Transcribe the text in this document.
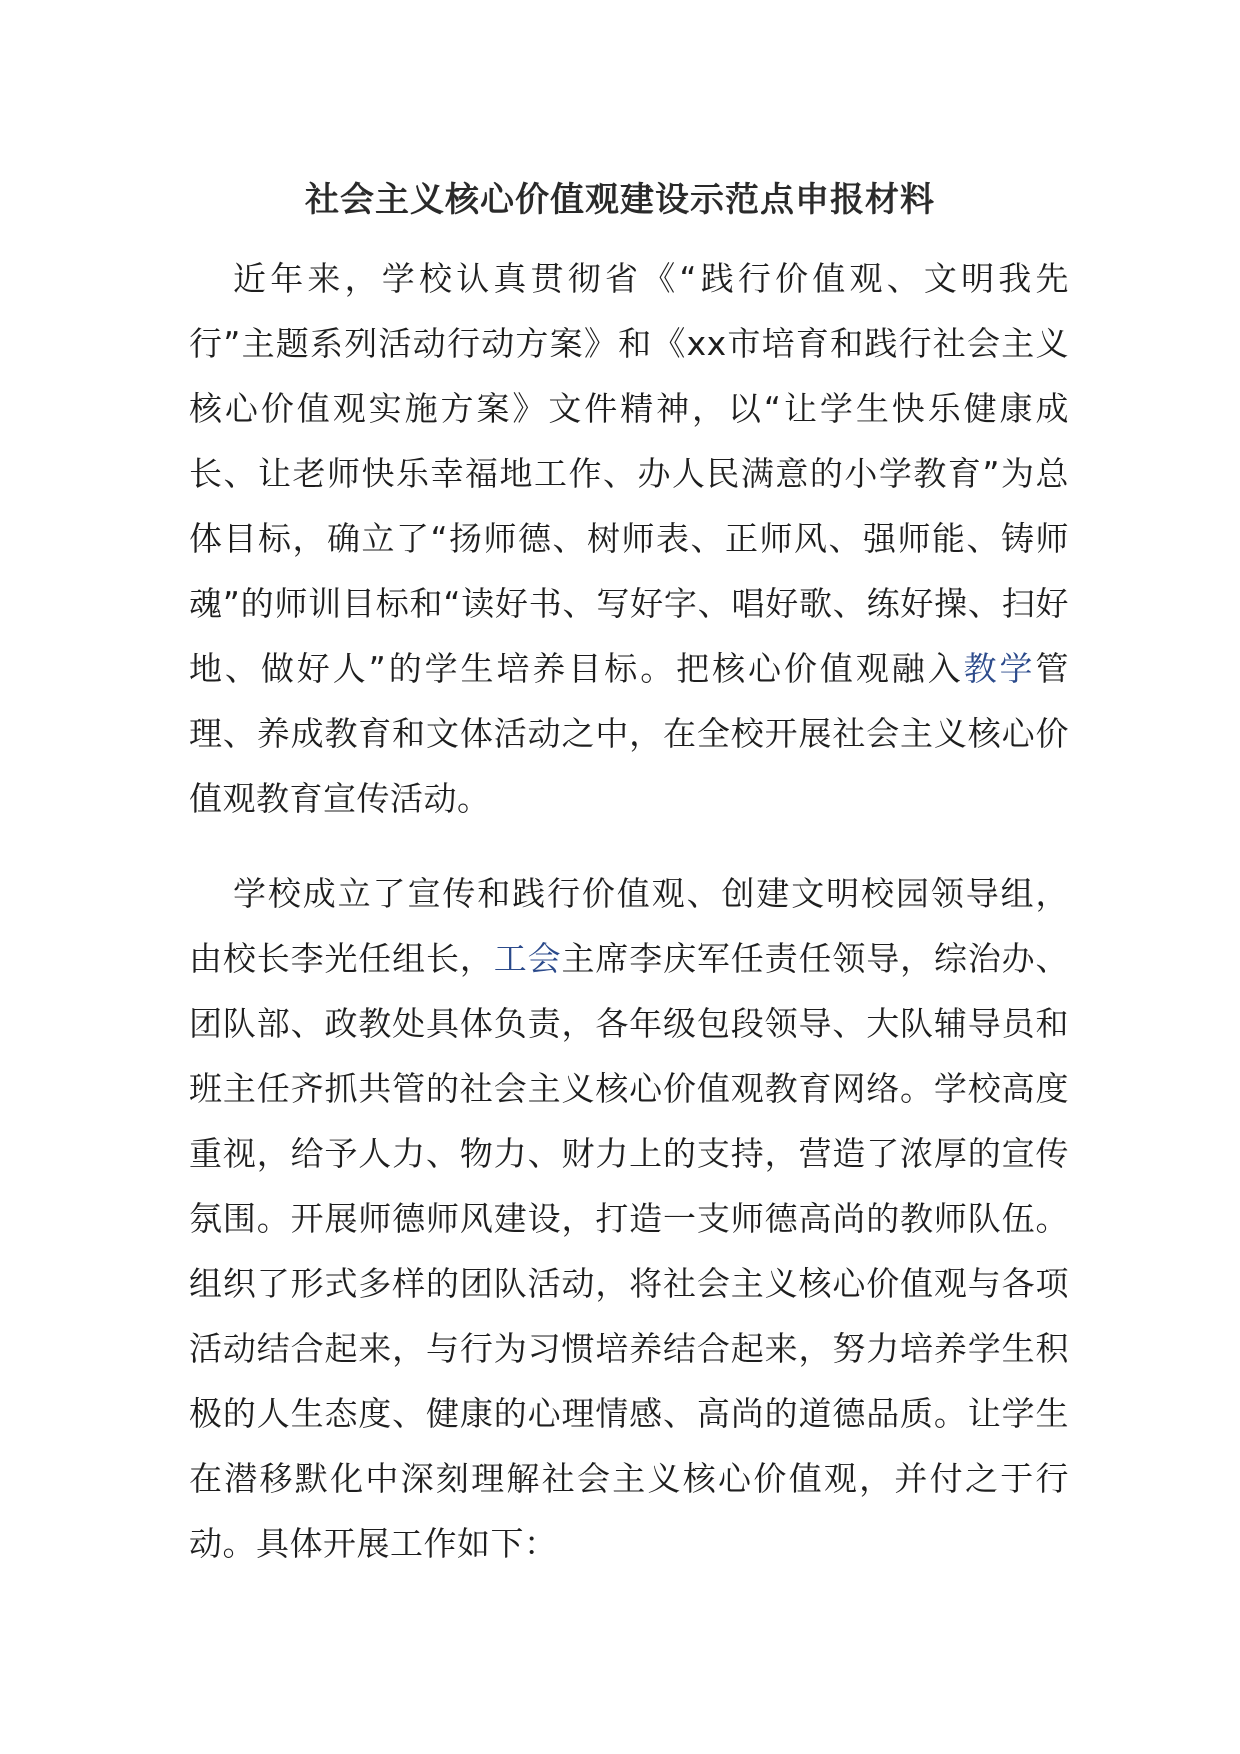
社会主义核心价值观建设示范点申报材料

近年来，学校认真贯彻省《“践行价值观、文明我先行”主题系列活动行动方案》和《xx市培育和践行社会主义核心价值观实施方案》文件精神，以“让学生快乐健康成长、让老师快乐幸福地工作、办人民满意的小学教育”为总体目标，确立了“扬师德、树师表、正师风、强师能、铸师魂”的师训目标和“读好书、写好字、唱好歌、练好操、扫好地、做好人”的学生培养目标。把核心价值观融入教学管理、养成教育和文体活动之中，在全校开展社会主义核心价值观教育宣传活动。

学校成立了宣传和践行价值观、创建文明校园领导组，由校长李光任组长，工会主席李庆军任责任领导，综治办、团队部、政教处具体负责，各年级包段领导、大队辅导员和班主任齐抓共管的社会主义核心价值观教育网络。学校高度重视，给予人力、物力、财力上的支持，营造了浓厚的宣传氛围。开展师德师风建设，打造一支师德高尚的教师队伍。组织了形式多样的团队活动，将社会主义核心价值观与各项活动结合起来，与行为习惯培养结合起来，努力培养学生积极的人生态度、健康的心理情感、高尚的道德品质。让学生在潜移默化中深刻理解社会主义核心价值观，并付之于行动。具体开展工作如下：
